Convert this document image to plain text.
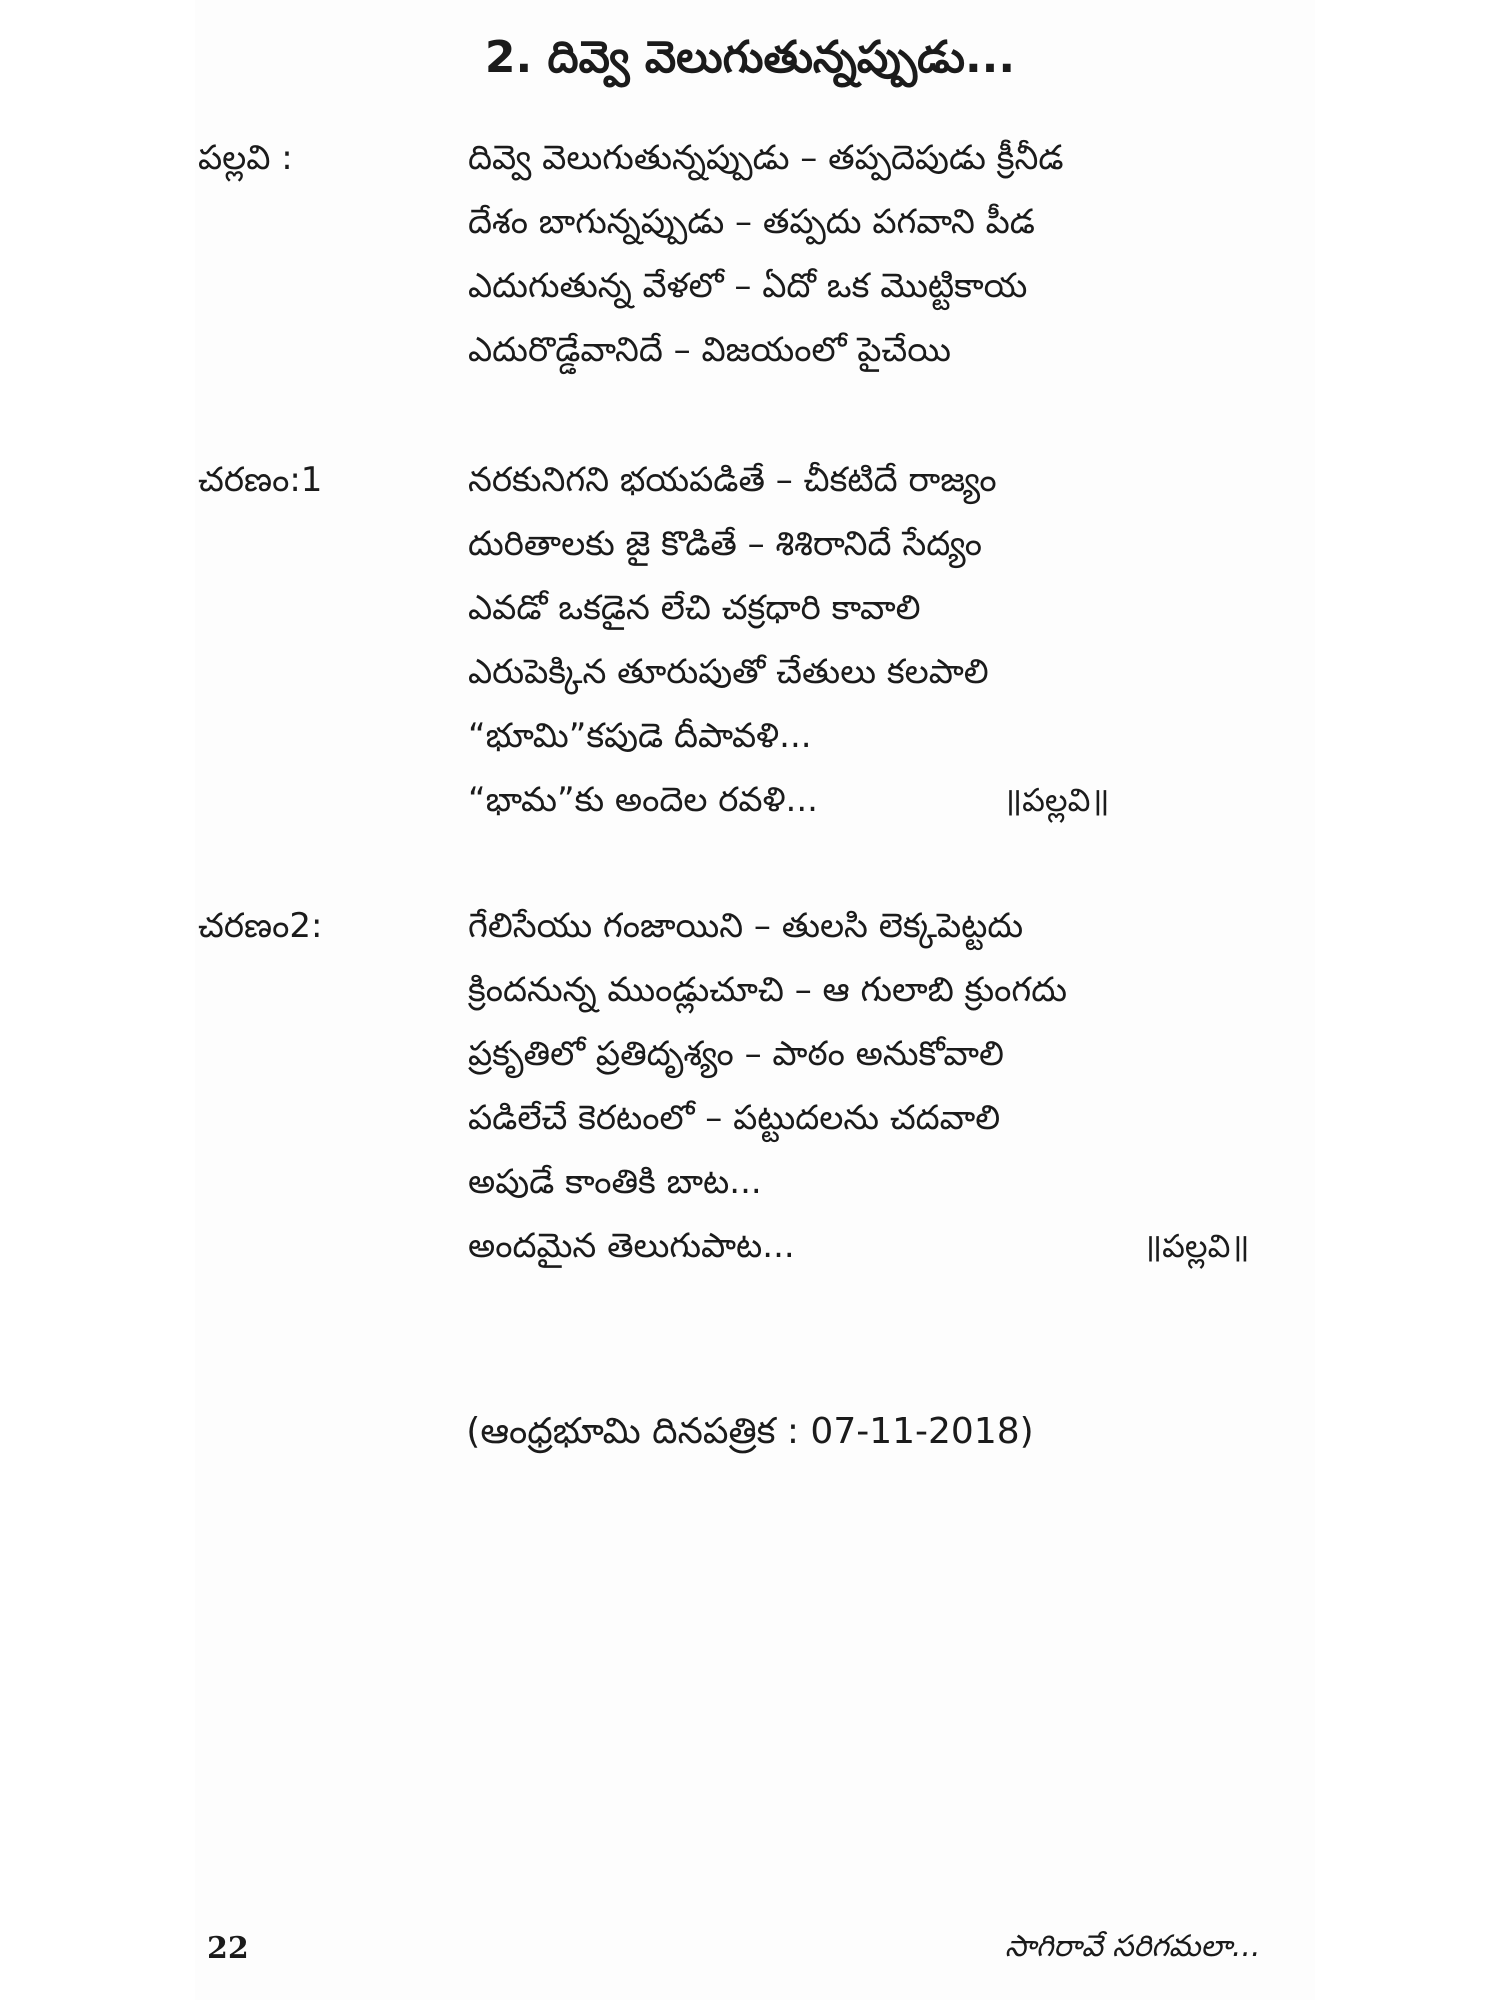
2. దివ్వె వెలుగుతున్నప్పుడు...
పల్లవి :	దివ్వె వెలుగుతున్నప్పుడు – తప్పదెపుడు క్రీనీడ
దేశం బాగున్నప్పుడు – తప్పదు పగవాని పీడ
ఎదుగుతున్న వేళలో – ఏదో ఒక మొట్టికాయ
ఎదురొడ్డేవానిదే – విజయంలో పైచేయి
చరణం:1	నరకునిగని భయపడితే – చీకటిదే రాజ్యం
దురితాలకు జై కొడితే – శిశిరానిదే సేద్యం
ఎవడో ఒకడైన లేచి చక్రధారి కావాలి
ఎరుపెక్కిన తూరుపుతో చేతులు కలపాలి
“భూమి”కపుడె దీపావళి...
“భామ”కు అందెల రవళి...	॥పల్లవి॥
చరణం2:	గేలిసేయు గంజాయిని – తులసి లెక్కపెట్టదు
క్రిందనున్న ముండ్లుచూచి – ఆ గులాబి క్రుంగదు
ప్రకృతిలో ప్రతిదృశ్యం – పాఠం అనుకోవాలి
పడిలేచే కెరటంలో – పట్టుదలను చదవాలి
అపుడే కాంతికి బాట...
అందమైన తెలుగుపాట...	॥పల్లవి॥
(ఆంధ్రభూమి దినపత్రిక : 07-11-2018)
22	సాగిరావే సరిగమలా...
